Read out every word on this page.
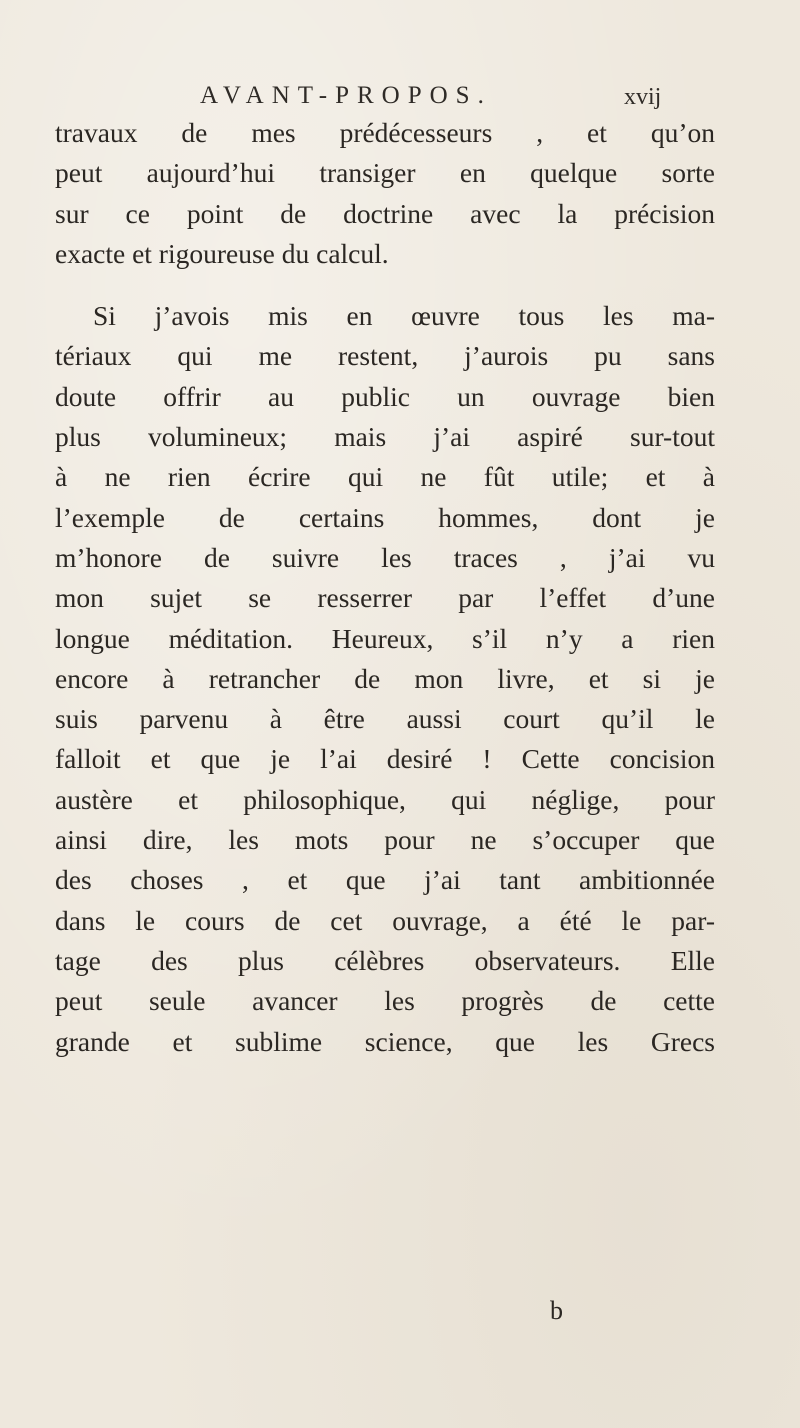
AVANT-PROPOS.	xvij
travaux de mes prédécesseurs , et qu’on
peut aujourd’hui transiger en quelque sorte
sur ce point de doctrine avec la précision
exacte et rigoureuse du calcul.
Si j’avois mis en œuvre tous les ma-
tériaux qui me restent, j’aurois pu sans
doute offrir au public un ouvrage bien
plus volumineux; mais j’ai aspiré sur-tout
à ne rien écrire qui ne fût utile; et à
l’exemple de certains hommes, dont je
m’honore de suivre les traces , j’ai vu
mon sujet se resserrer par l’effet d’une
longue méditation. Heureux, s’il n’y a rien
encore à retrancher de mon livre, et si je
suis parvenu à être aussi court qu’il le
falloit et que je l’ai desiré ! Cette concision
austère et philosophique, qui néglige, pour
ainsi dire, les mots pour ne s’occuper que
des choses , et que j’ai tant ambitionnée
dans le cours de cet ouvrage, a été le par-
tage des plus célèbres observateurs. Elle
peut seule avancer les progrès de cette
grande et sublime science, que les Grecs
b
